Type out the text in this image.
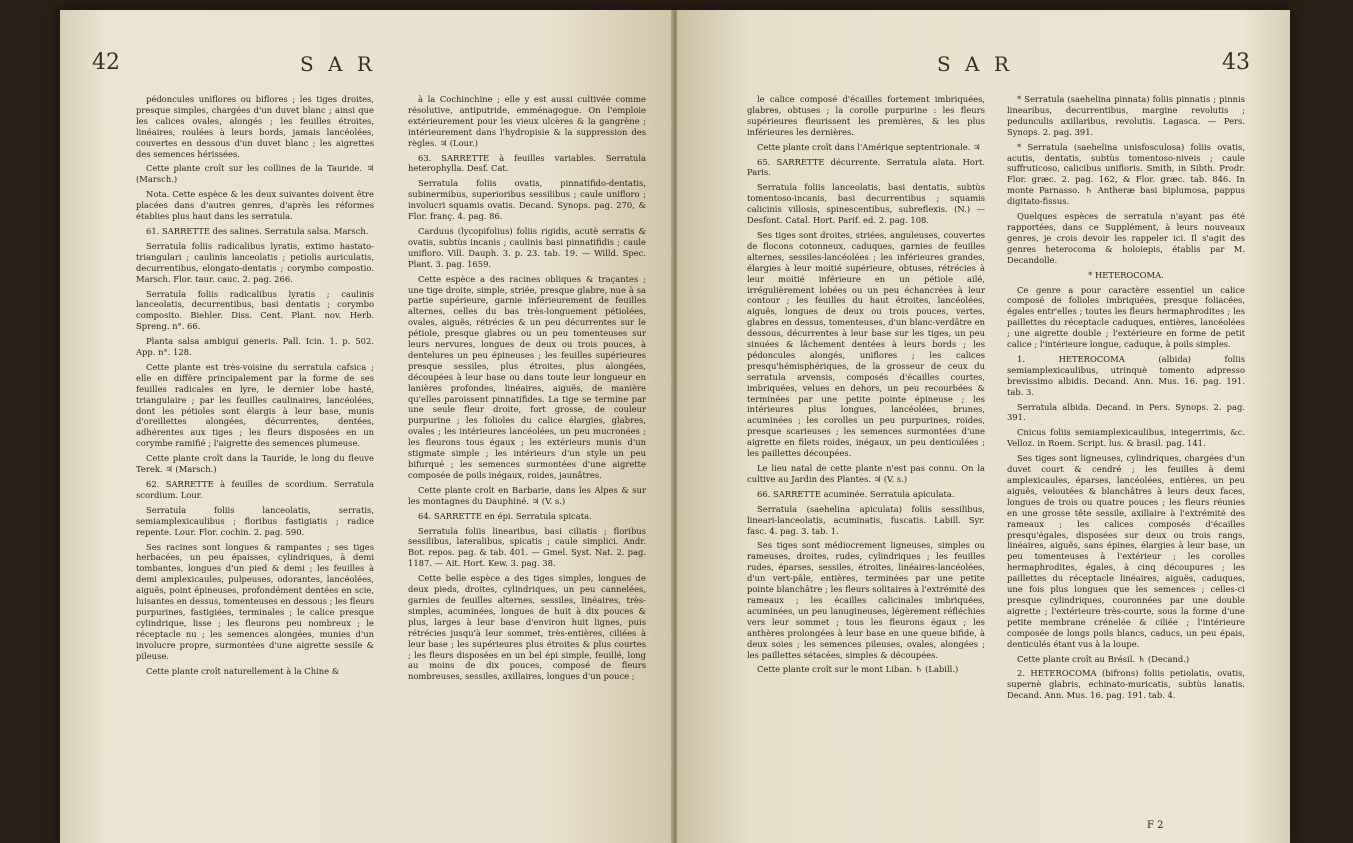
42	S A R

pédoncules uniflores ou biflores ; les tiges droites, presque simples, chargées d'un duvet blanc ; ainsi que les calices ovales, alongés ; les feuilles étroites, linéaires, roulées à leurs bords, jamais lancéolées, couvertes en dessous d'un duvet blanc ; les aigrettes des semences hérissées.

Cette plante croît sur les collines de la Tauride. ♃ (Marsch.)

Nota. Cette espèce & les deux suivantes doivent être placées dans d'autres genres, d'après les réformes établies plus haut dans les serratula.

61. SARRETTE des salines. Serratula salsa. Marsch.

Serratula foliis radicalibus lyratis, extimo hastato-triangulari ; caulinis lanceolatis ; petiolis auriculatis, decurrentibus, elongato-dentatis ; corymbo compostio. Marsch. Flor. taur. cauc. 2. pag. 266.

Serratula foliis radicalibus lyratis ; caulinis lanceolatis, decurrentibus, basi dentatis ; corymbo composito. Biehler. Diss. Cent. Plant. nov. Herb. Spreng. n°. 66.

Planta salsa ambigui generis. Pall. Icin. 1. p. 502. App. n°. 128.

Cette plante est très-voisine du serratula cafsica ; elle en diffère principalement par la forme de ses feuilles radicales en lyre, le dernier lobe hasté, triangulaire ; par les feuilles caulinaires, lancéolées, dont les pétioles sont élargis à leur base, munis d'oreillettes alongées, décurrentes, dentées, adhérentes aux tiges ; les fleurs disposées en un corymbe ramifié ; l'aigrette des semences plumeuse.

Cette plante croît dans la Tauride, le long du fleuve Terek. ♃ (Marsch.)

62. SARRETTE à feuilles de scordium. Serratula scordium. Lour.

Serratula foliis lanceolatis, serratis, semiamplexicaulibus ; floribus fastigiatis ; radice repente. Lour. Flor. cochin. 2. pag. 590.

Ses racines sont longues & rampantes ; ses tiges herbacées, un peu épaisses, cylindriques, à demi tombantes, longues d'un pied & demi ; les feuilles à demi amplexicaules, pulpeuses, odorantes, lancéolées, aiguës, point épineuses, profondément dentées en scie, luisantes en dessus, tomenteuses en dessous ; les fleurs purpurines, fastigiées, terminales ; le calice presque cylindrique, lisse ; les fleurons peu nombreux ; le réceptacle nu ; les semences alongées, munies d'un involucre propre, surmontées d'une aigrette sessile & pileuse.

Cette plante croît naturellement à la Chine &

à la Cochinchine ; elle y est aussi cultivée comme résolutive, antiputride, emménagogue. On l'emploie extérieurement pour les vieux ulcères & la gangrène ; intérieurement dans l'hydropisie & la suppression des règles. ♃ (Lour.)

63. SARRETTE à feuilles variables. Serratula heterophylla. Desf. Cat.

Serratula foliis ovatis, pinnatifido-dentatis, subinermibus, superioribus sessilibus ; caule unifloro ; involucri squamis ovatis. Decand. Synops. pag. 270, & Flor. franç. 4. pag. 86.

Carduus (lycopifolius) foliis rigidis, acutè serratis & ovatis, subtùs incanis ; caulinis basi pinnatifidis ; caule unifloro. Vill. Dauph. 3. p. 23. tab. 19. — Willd. Spec. Plant. 3. pag. 1659.

Cette espèce a des racines obliques & traçantes ; une tige droite, simple, striée, presque glabre, nue à sa partie supérieure, garnie inférieurement de feuilles alternes, celles du bas très-longuement pétiolées, ovales, aiguës, rétrécies & un peu décurrentes sur le pétiole, presque glabres ou un peu tomenteuses sur leurs nervures, longues de deux ou trois pouces, à dentelures un peu épineuses ; les feuilles supérieures presque sessiles, plus étroites, plus alongées, découpées à leur base ou dans toute leur longueur en lanières profondes, linéaires, aiguës, de manière qu'elles paroissent pinnatifides. La tige se termine par une seule fleur droite, fort grosse, de couleur purpurine ; les folioles du calice élargies, glabres, ovales ; les intérieures lancéolées, un peu mucronées ; les fleurons tous égaux ; les extérieurs munis d'un stigmate simple ; les intérieurs d'un style un peu bifurqué ; les semences surmontées d'une aigrette composée de poils inégaux, roides, jaunâtres.

Cette plante croît en Barbarie, dans les Alpes & sur les montagnes du Dauphiné. ♃ (V. s.)

64. SARRETTE en épi. Serratula spicata.

Serratula foliis linearibus, basi ciliatis ; floribus sessilibus, lateralibus, spicatis ; caule simplici. Andr. Bot. repos. pag. & tab. 401. — Gmel. Syst. Nat. 2. pag. 1187. — Ait. Hort. Kew. 3. pag. 38.

Cette belle espèce a des tiges simples, longues de deux pieds, droites, cylindriques, un peu cannelées, garnies de feuilles alternes, sessiles, linéaires, très-simples, acuminées, longues de huit à dix pouces & plus, larges à leur base d'environ huit lignes, puis rétrécies jusqu'à leur sommet, très-entières, ciliées à leur base ; les supérieures plus étroites & plus courtes ; les fleurs disposées en un bel épi simple, feuillé, long au moins de dix pouces, composé de fleurs nombreuses, sessiles, axillaires, longues d'un pouce ;

S A R	43

le calice composé d'écailles fortement imbriquées, glabres, obtuses ; la corolle purpurine : les fleurs supérieures fleurissent les premières, & les plus inférieures les dernières.

Cette plante croît dans l'Amérique septentrionale. ♃

65. SARRETTE décurrente. Serratula alata. Hort. Paris.

Serratula foliis lanceolatis, basi dentatis, subtùs tomentoso-incanis, basi decurrentibus ; squamis calicinis villosis, spinescentibus, subreflexis. (N.) — Desfont. Catal. Hort. Parif. ed. 2. pag. 108.

Ses tiges sont droites, striées, anguleuses, couvertes de flocons cotonneux, caduques, garnies de feuilles alternes, sessiles-lancéolées ; les inférieures grandes, élargies à leur moitié supérieure, obtuses, rétrécies à leur moitié inférieure en un pétiole ailé, irrégulièrement lobées ou un peu échancrées à leur contour ; les feuilles du haut étroites, lancéolées, aiguës, longues de deux ou trois pouces, vertes, glabres en dessus, tomenteuses, d'un blanc-verdâtre en dessous, décurrentes à leur base sur les tiges, un peu sinuées & lâchement dentées à leurs bords ; les pédoncules alongés, uniflores ; les calices presqu'hémisphériques, de la grosseur de ceux du serratula arvensis, composés d'écailles courtes, imbriquées, velues en dehors, un peu recourbées & terminées par une petite pointe épineuse ; les intérieures plus longues, lancéolées, brunes, acuminées ; les corolles un peu purpurines, roides, presque scarieuses ; les semences surmontées d'une aigrette en filets roides, inégaux, un peu denticulées ; les paillettes découpées.

Le lieu natal de cette plante n'est pas connu. On la cultive au Jardin des Plantes. ♃ (V. s.)

66. SARRETTE acuminée. Serratula apiculata.

Serratula (saehelina apiculata) foliis sessilibus, lineari-lanceolatis, acuminatis, fuscatis. Labill. Syr. fasc. 4. pag. 3. tab. 1.

Ses tiges sont médiocrement ligneuses, simples ou rameuses, droites, rudes, cylindriques ; les feuilles rudes, éparses, sessiles, étroites, linéaires-lancéolées, d'un vert-pâle, entières, terminées par une petite pointe blanchâtre ; les fleurs solitaires à l'extrémité des rameaux ; les écailles calicinales imbriquées, acuminées, un peu lanugineuses, légèrement réfléchies vers leur sommet ; tous les fleurons égaux ; les anthères prolongées à leur base en une queue bifide, à deux soies ; les semences pileuses, ovales, alongées ; les paillettes sétacées, simples & découpées.

Cette plante croît sur le mont Liban. ♄ (Labill.)

* Serratula (saehelina pinnata) foliis pinnatis ; pinnis linearibus, decurrentibus, margine revolutis ; pedunculis axillaribus, revolutis. Lagasca. — Pers. Synops. 2. pag. 391.

* Serratula (saehelina unisfosculosa) foliis ovatis, acutis, dentatis, subtùs tomentoso-niveis ; caule suffruticoso, calicibus unifloris. Smith, in Sibth. Prodr. Flor. græc. 2. pag. 162, & Flor. græc. tab. 846. In monte Parnasso. ♄ Antheræ basi biplumosa, pappus digitato-fissus.

Quelques espèces de serratula n'ayant pas été rapportées, dans ce Supplément, à leurs nouveaux genres, je crois devoir les rappeler ici. Il s'agit des genres heterocoma & holoiepis, établis par M. Decandolle.

* HETEROCOMA.

Ce genre a pour caractère essentiel un calice composé de folioles imbriquées, presque foliacées, égales entr'elles ; toutes les fleurs hermaphrodites ; les paillettes du réceptacle caduques, entières, lancéolées ; une aigrette double ; l'extérieure en forme de petit calice ; l'intérieure longue, caduque, à poils simples.

1. HETEROCOMA (albida) foliis semiamplexicaulibus, utrinquè tomento adpresso brevissimo albidis. Decand. Ann. Mus. 16. pag. 191. tab. 3.

Serratula albida. Decand. in Pers. Synops. 2. pag. 391.

Cnicus foliis semiamplexicaulibus, integerrimis, &c. Velloz. in Roem. Script. lus. & brasil. pag. 141.

Ses tiges sont ligneuses, cylindriques, chargées d'un duvet court & cendré ; les feuilles à demi amplexicaules, éparses, lancéolées, entières, un peu aiguës, veloutées & blanchâtres à leurs deux faces, longues de trois ou quatre pouces ; les fleurs réunies en une grosse tête sessile, axillaire à l'extrémité des rameaux ; les calices composés d'écailles presqu'égales, disposées sur deux ou trois rangs, linéaires, aiguës, sans épines, élargies à leur base, un peu tomenteuses à l'extérieur ; les corolles hermaphrodites, égales, à cinq découpures ; les paillettes du réceptacle linéaires, aiguës, caduques, une fois plus longues que les semences ; celles-ci presque cylindriques, couronnées par une double aigrette ; l'extérieure très-courte, sous la forme d'une petite membrane crénelée & ciliée ; l'intérieure composée de longs poils blancs, caducs, un peu épais, denticulés étant vus à la loupe.

Cette plante croît au Brésil. ♄ (Decand.)

2. HETEROCOMA (bifrons) foliis petiolatis, ovatis, supernè glabris, echinato-muricatis, subtùs lanatis. Decand. Ann. Mus. 16. pag. 191. tab. 4.

F 2
